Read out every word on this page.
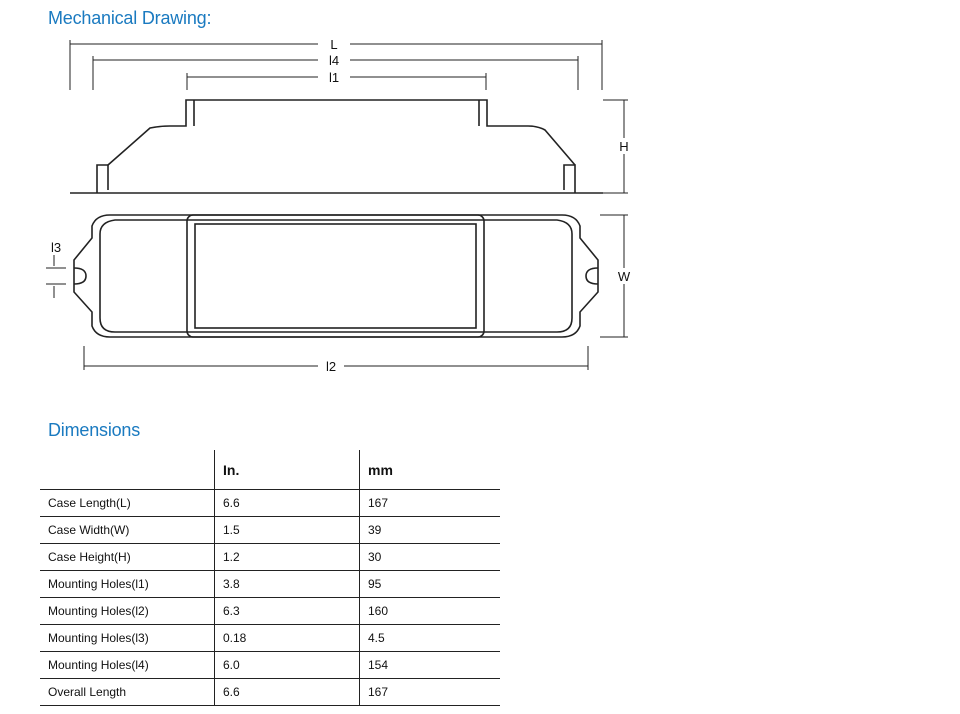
Mechanical Drawing:
L
l4
l1
H
W
l3
l2
Dimensions
	In.	mm
Case Length(L)	6.6	167
Case Width(W)	1.5	39
Case Height(H)	1.2	30
Mounting Holes(l1)	3.8	95
Mounting Holes(l2)	6.3	160
Mounting Holes(l3)	0.18	4.5
Mounting Holes(l4)	6.0	154
Overall Length	6.6	167
